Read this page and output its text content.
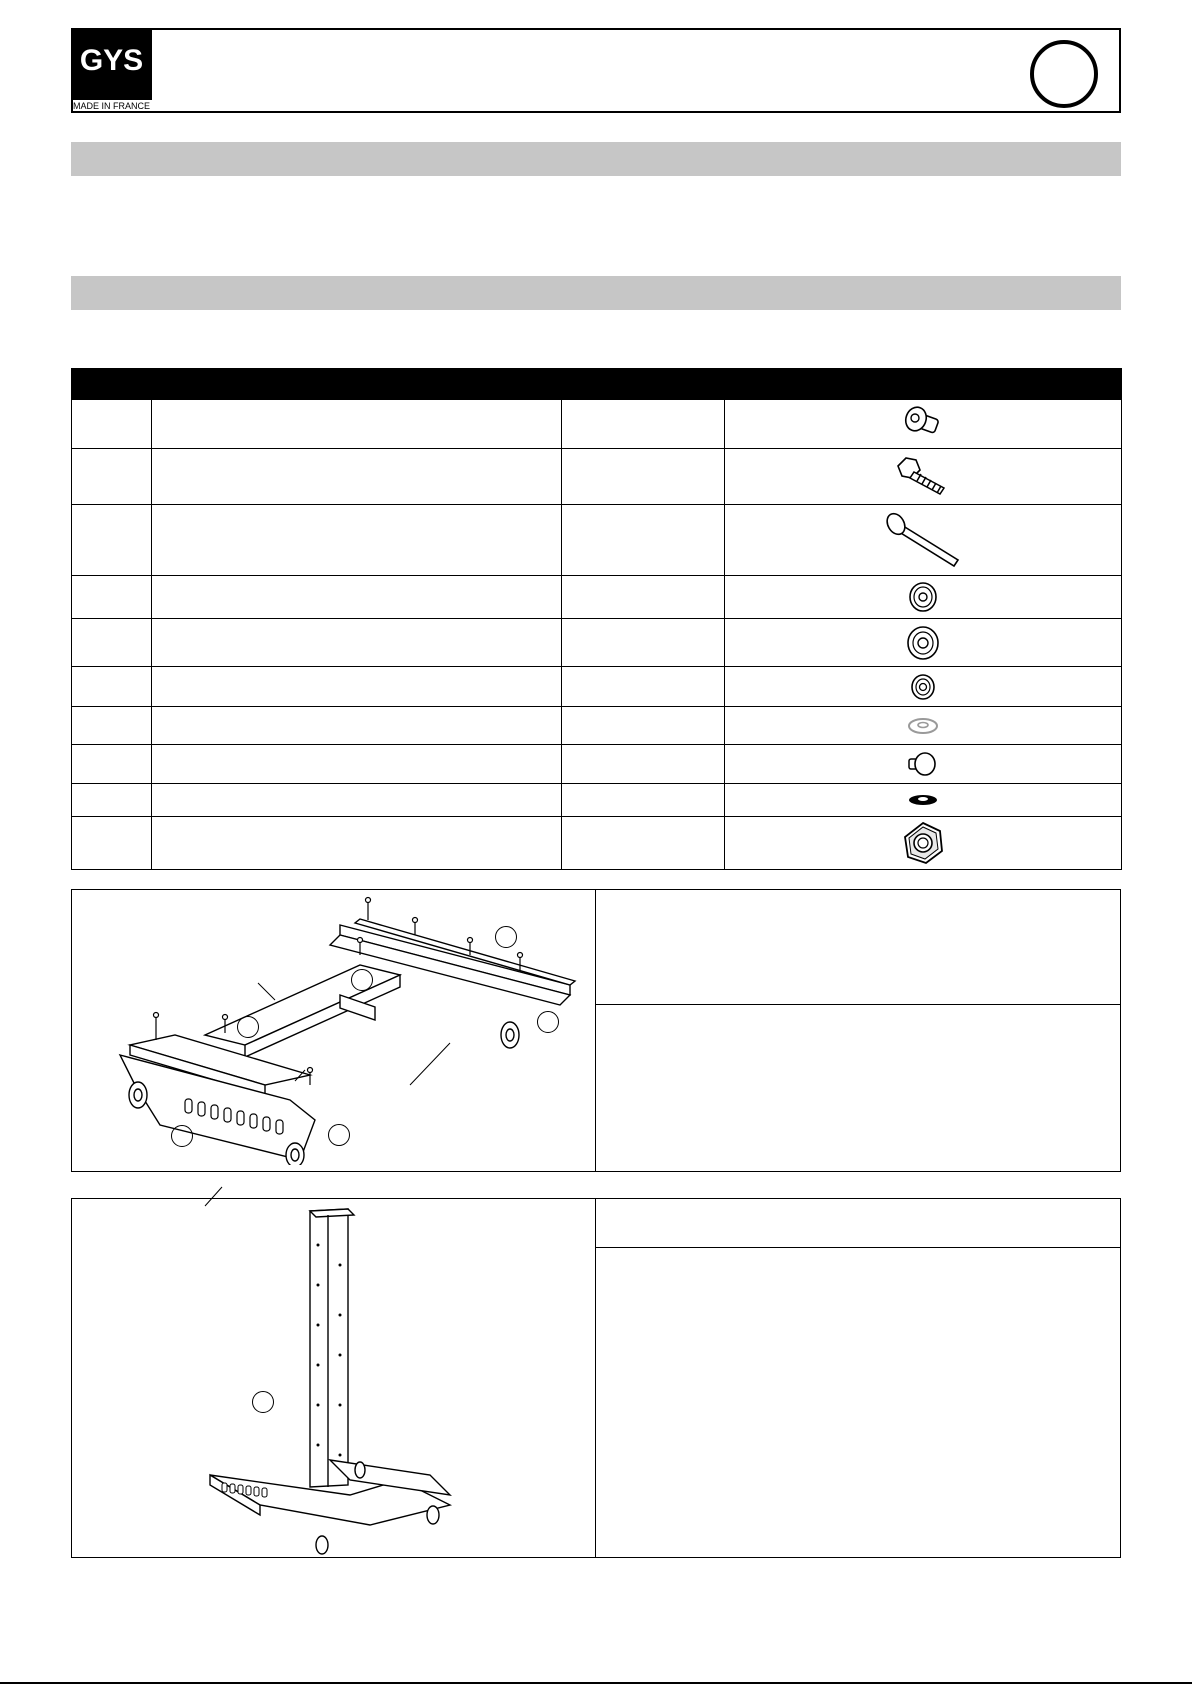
GYS
MADE IN FRANCE
